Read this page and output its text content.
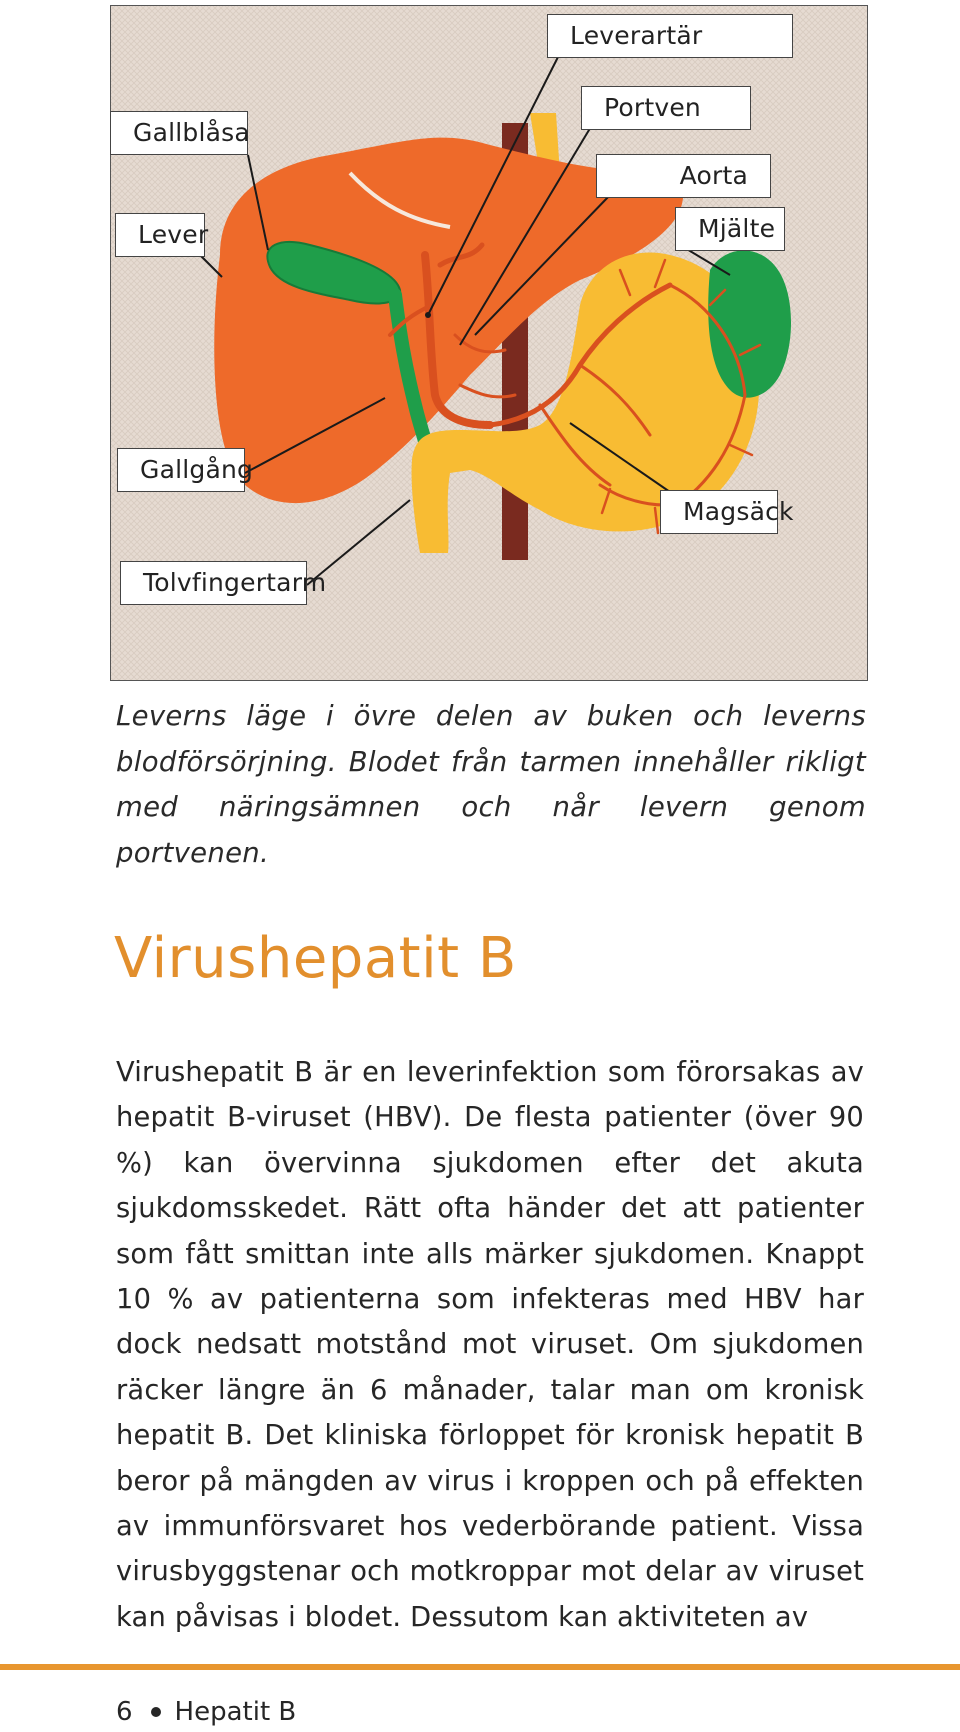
Leverartär
Gallblåsa
Portven
Aorta
Lever	Mjälte
Gallgång
Magsäck
Tolvfingertarm
Leverns läge i övre delen av buken och leverns blodförsörjning. Blodet från tarmen innehåller rikligt med näringsämnen och når levern genom portvenen.
Virushepatit B

Virushepatit B är en leverinfektion som förorsakas av hepatit B-viruset (HBV). De flesta patienter (över 90 %) kan övervinna sjukdomen efter det akuta sjukdomsskedet. Rätt ofta händer det att patienter som fått smittan inte alls märker sjukdomen. Knappt 10 % av patienterna som infekteras med HBV har dock nedsatt motstånd mot viruset. Om sjukdomen räcker längre än 6 månader, talar man om kronisk hepatit B. Det kliniska förloppet för kronisk hepatit B beror på mängden av virus i kroppen och på effekten av immunförsvaret hos vederbörande patient. Vissa virusbyggstenar och motkroppar mot delar av viruset kan påvisas i blodet. Dessutom kan aktiviteten av

6 Hepatit B
